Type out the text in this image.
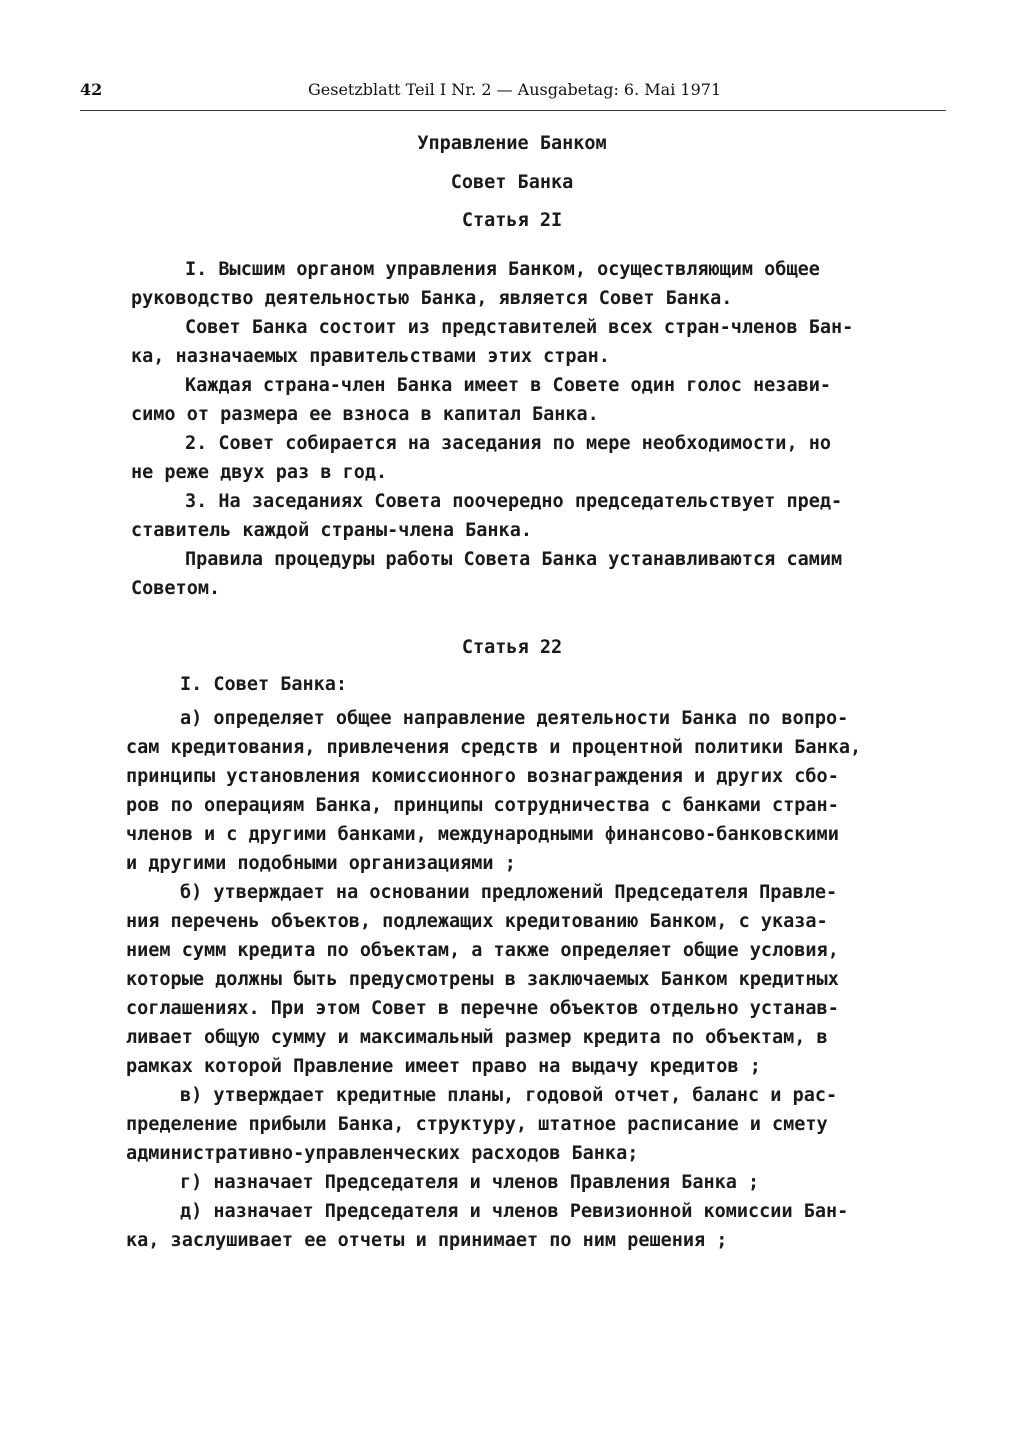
42	Gesetzblatt Teil I Nr. 2 — Ausgabetag: 6. Mai 1971
Управление Банком
Совет Банка
Статья 2I
I. Высшим органом управления Банком, осуществляющим общее
руководство деятельностью Банка, является Совет Банка.
Совет Банка состоит из представителей всех стран-членов Бан-
ка, назначаемых правительствами этих стран.
Каждая страна-член Банка имеет в Совете один голос незави-
симо от размера ее взноса в капитал Банка.
2. Совет собирается на заседания по мере необходимости, но
не реже двух раз в год.
3. На заседаниях Совета поочередно председательствует пред-
ставитель каждой страны-члена Банка.
Правила процедуры работы Совета Банка устанавливаются самим
Советом.
Статья 22
I. Совет Банка:
а) определяет общее направление деятельности Банка по вопро-
сам кредитования, привлечения средств и процентной политики Банка,
принципы установления комиссионного вознаграждения и других сбо-
ров по операциям Банка, принципы сотрудничества с банками стран-
членов и с другими банками, международными финансово-банковскими
и другими подобными организациями ;
б) утверждает на основании предложений Председателя Правле-
ния перечень объектов, подлежащих кредитованию Банком, с указа-
нием сумм кредита по объектам, а также определяет общие условия,
которые должны быть предусмотрены в заключаемых Банком кредитных
соглашениях. При этом Совет в перечне объектов отдельно устанав-
ливает общую сумму и максимальный размер кредита по объектам, в
рамках которой Правление имеет право на выдачу кредитов ;
в) утверждает кредитные планы, годовой отчет, баланс и рас-
пределение прибыли Банка, структуру, штатное расписание и смету
административно-управленческих расходов Банка;
г) назначает Председателя и членов Правления Банка ;
д) назначает Председателя и членов Ревизионной комиссии Бан-
ка, заслушивает ее отчеты и принимает по ним решения ;
